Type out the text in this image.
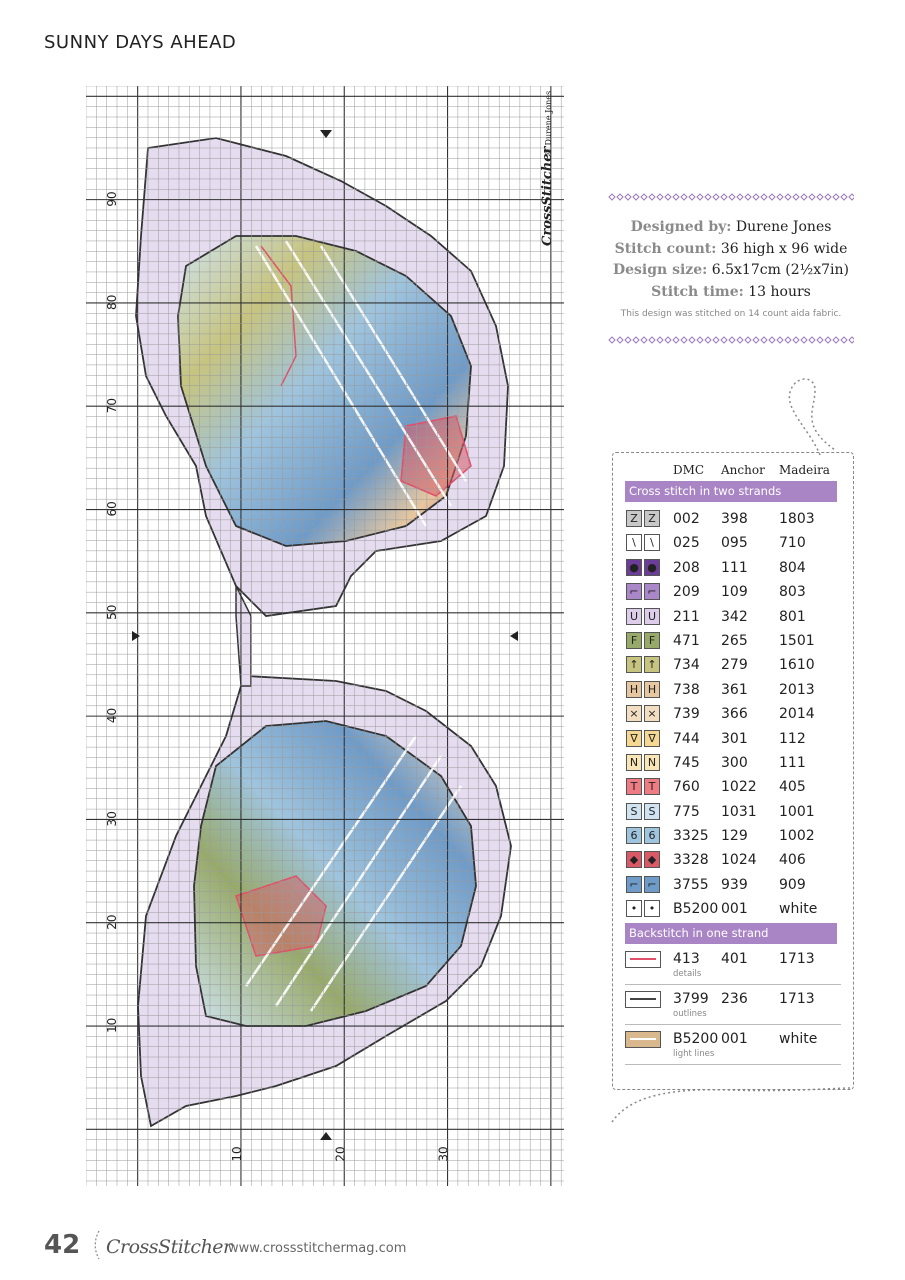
SUNNY DAYS AHEAD
90
80
70
60
50
40
30
20
10
10	20	30
CrossStitcher
© Durene Jones
Designed by: Durene Jones
Stitch count: 36 high x 96 wide
Design size: 6.5x17cm (2½x7in)
Stitch time: 13 hours
This design was stitched on 14 count aida fabric.
DMC Anchor Madeira
Cross stitch in two strands
Z Z	002 398 1803
\	\	025 095 710
● ● 208 111 804
⌐ ⌐ 209 109 803
U U 211 342 801
F	F	471 265 1501
↑ ↑ 734 279 1610
H H 738 361 2013
× × 739 366 2014
∇ ∇	744 301 112
N N 745 300 111
T	T	760 1022 405
S	S	775 1031 1001
6	6	3325 129 1002
◆ ◆ 3328 1024 406
⌐ ⌐ 3755 939 909
•	•	B5200 001 white
Backstitch in one strand
413 401 1713
details
3799 236 1713
outlines
B5200 001 white
light lines
42 CrossStitcher
www.crossstitchermag.com
